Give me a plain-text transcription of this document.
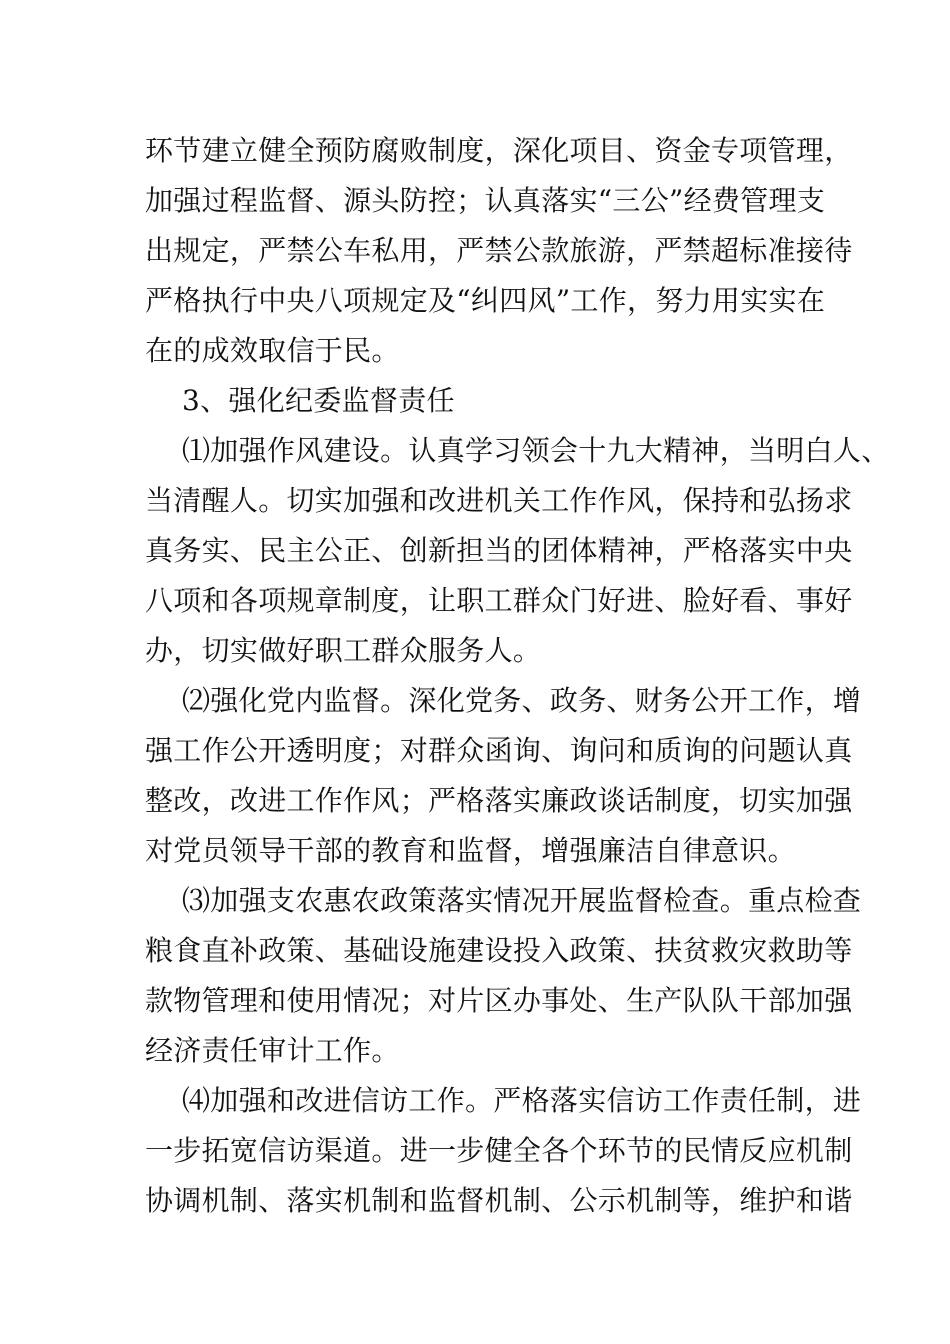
环节建立健全预防腐败制度，深化项目、资金专项管理，
加强过程监督、源头防控；认真落实“三公”经费管理支
出规定，严禁公车私用，严禁公款旅游，严禁超标准接待
严格执行中央八项规定及“纠四风”工作，努力用实实在
在的成效取信于民。
3、强化纪委监督责任
⑴加强作风建设。认真学习领会十九大精神，当明白人、
当清醒人。切实加强和改进机关工作作风，保持和弘扬求
真务实、民主公正、创新担当的团体精神，严格落实中央
八项和各项规章制度，让职工群众门好进、脸好看、事好
办，切实做好职工群众服务人。
⑵强化党内监督。深化党务、政务、财务公开工作，增
强工作公开透明度；对群众函询、询问和质询的问题认真
整改，改进工作作风；严格落实廉政谈话制度，切实加强
对党员领导干部的教育和监督，增强廉洁自律意识。
⑶加强支农惠农政策落实情况开展监督检查。重点检查
粮食直补政策、基础设施建设投入政策、扶贫救灾救助等
款物管理和使用情况；对片区办事处、生产队队干部加强
经济责任审计工作。
⑷加强和改进信访工作。严格落实信访工作责任制，进
一步拓宽信访渠道。进一步健全各个环节的民情反应机制
协调机制、落实机制和监督机制、公示机制等，维护和谐
